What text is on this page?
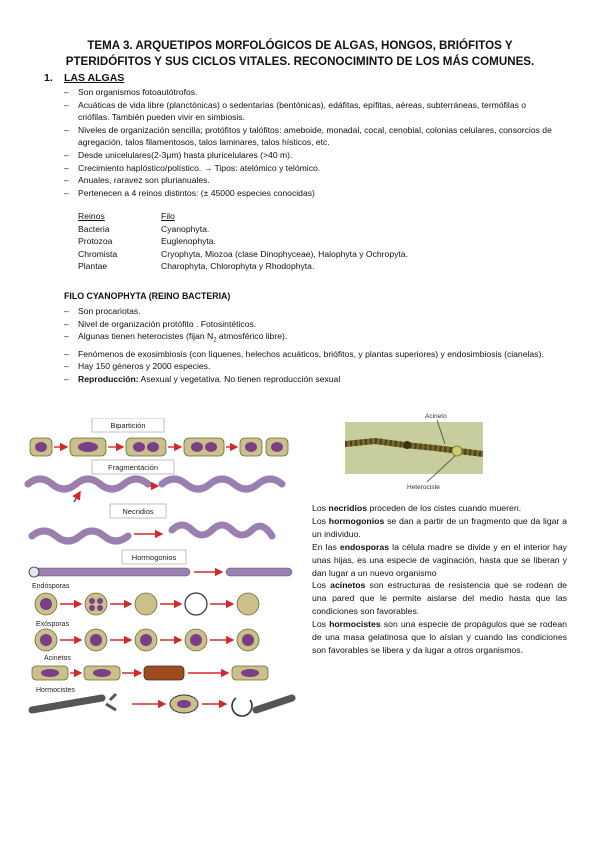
TEMA 3. ARQUETIPOS MORFOLÓGICOS DE ALGAS, HONGOS, BRIÓFITOS Y
PTERIDÓFITOS Y SUS CICLOS VITALES. RECONOCIMINTO DE LOS MÁS COMUNES.
1. LAS ALGAS
– Son organismos fotoautótrofos.
– Acuáticas de vida libre (planctónicas) o sedentarias (bentónicas), edáfitas, epífitas, aéreas, subterráneas, termófilas o criófilas. También pueden vivir en simbiosis.
– Niveles de organización sencilla; protófitos y talófitos: ameboide, monadal, cocal, cenobial, colonias celulares, consorcios de agregación, talos filamentosos, talos laminares, talos hísticos, etc.
– Desde unicelulares(2-3μm) hasta pluricelulares (>40 m).
– Crecimiento haplóstico/polístico. → Tipos: atelómico y telómico.
– Anuales, raravez son plurianuales.
– Pertenecen a 4 reinos distintos: (± 45000 especies conocidas)
Reinos	Filo
Bacteria	Cyanophyta.
Protozoa	Euglenophyta.
Chromista	Cryophyta, Miozoa (clase Dinophyceae), Halophyta y Ochropyta.
Plantae	Charophyta, Chlorophyta y Rhodophyta.
FILO CYANOPHYTA (REINO BACTERIA)
– Son procariotas.
– Nivel de organización protófito . Fotosintéticos.
– Algunas tienen heterocistes (fijan $N_2$ atmosférico libre).
– Fenómenos de exosimbiosis (con líquenes, helechos acuáticos, briófitos, y plantas superiores) y endosimbiosis (cianelas).
– Hay 150 géneros y 2000 especies.
– Reproducción: Asexual y vegetativa. No tienen reproducción sexual
Bipartición
Fragmentación
Necridios
Hormogonios
Endósporas
Exósporas
Acinetos
Hormocistes
Acineto
Heterociste

Los necridios proceden de los cistes cuando mueren.

Los hormogonios se dan a partir de un fragmento que da ligar a un individuo.

En las endosporas la célula madre se divide y en el interior hay unas hijas, es una especie de vaginación, hasta que se liberan y dan lugar a un nuevo organismo

Los acinetos son estructuras de resistencia que se rodean de una pared que le permite aislarse del medio hasta que las condiciones son favorables.

Los hormocistes son una especie de propágulos que se rodean de una masa gelatinosa que lo aíslan y cuando las condiciones son favorables se libera y da lugar a otros organismos.
